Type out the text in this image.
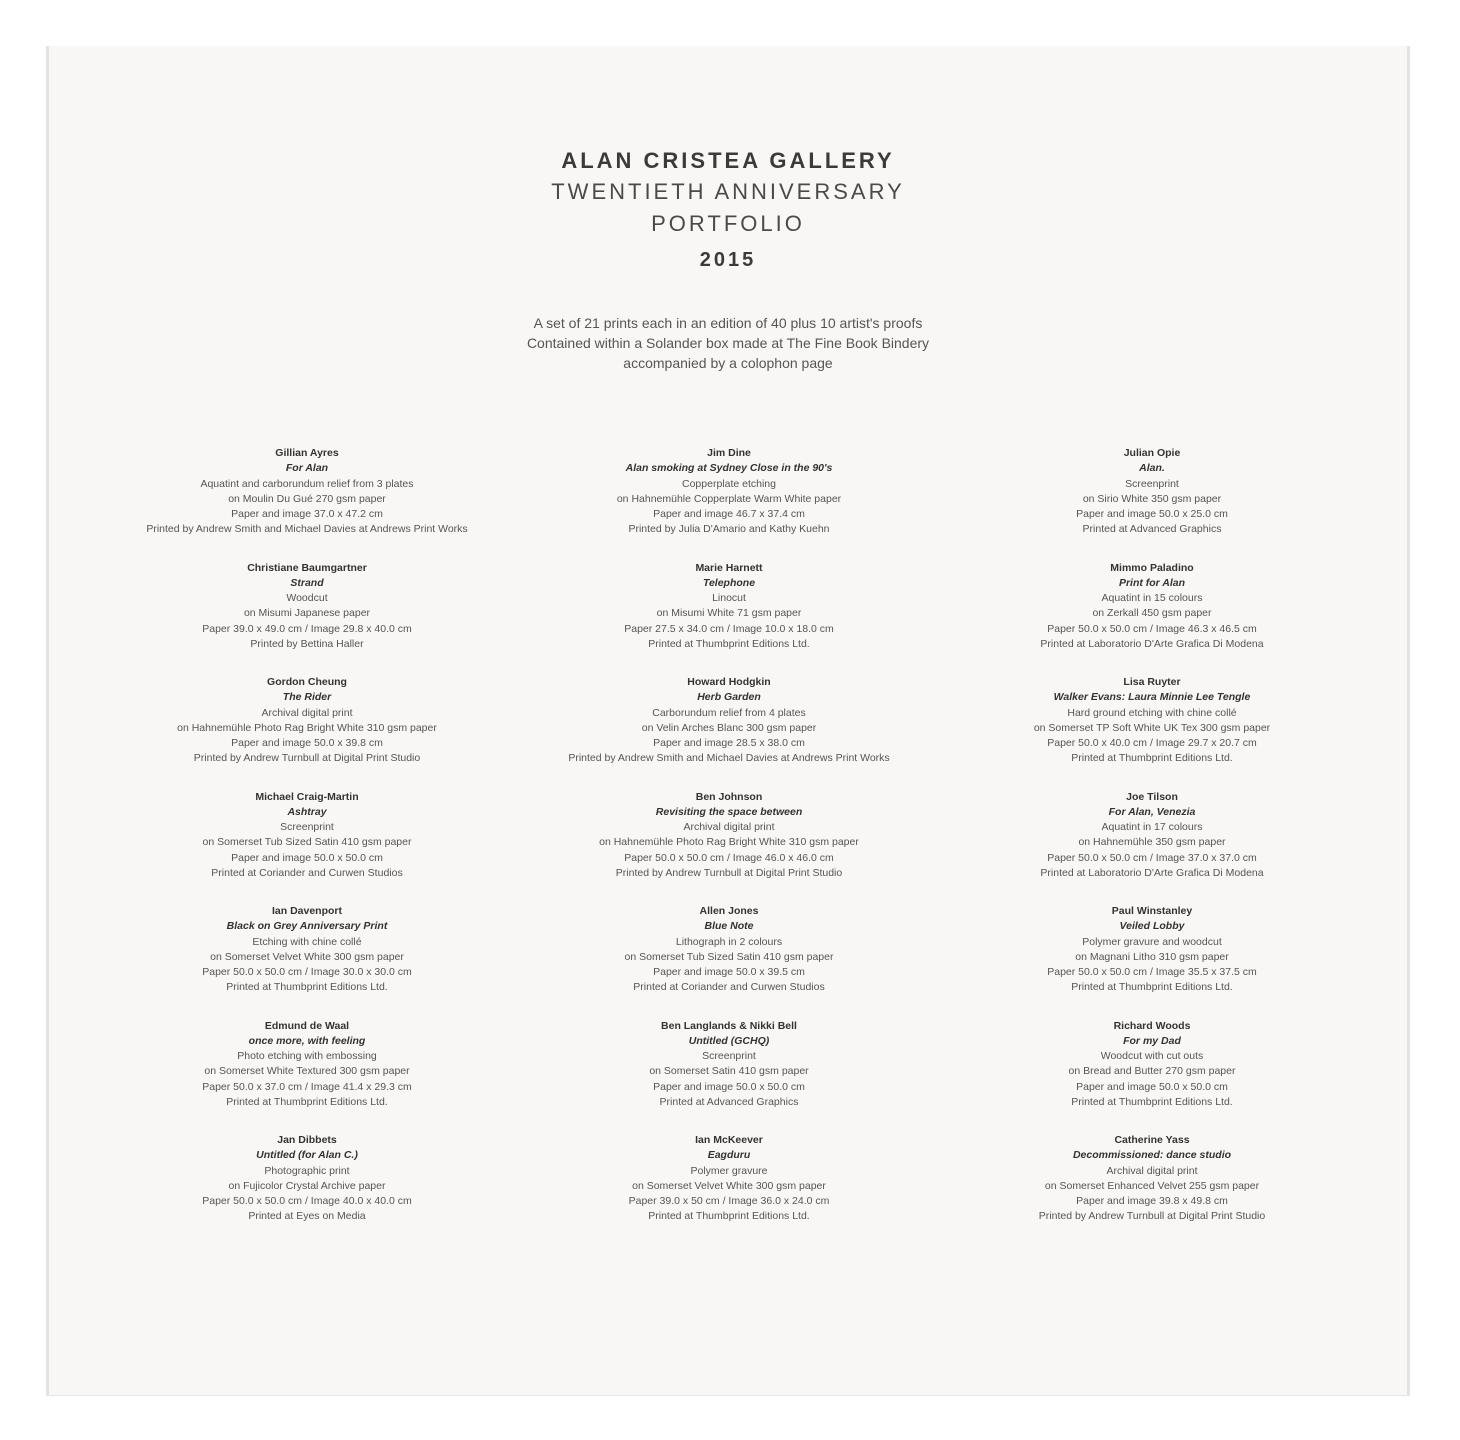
ALAN CRISTEA GALLERY
TWENTIETH ANNIVERSARY
PORTFOLIO
2015
A set of 21 prints each in an edition of 40 plus 10 artist's proofs
Contained within a Solander box made at The Fine Book Bindery
accompanied by a colophon page
Gillian Ayres
For Alan
Aquatint and carborundum relief from 3 plates
on Moulin Du Gué 270 gsm paper
Paper and image 37.0 x 47.2 cm
Printed by Andrew Smith and Michael Davies at Andrews Print Works
Christiane Baumgartner
Strand
Woodcut
on Misumi Japanese paper
Paper 39.0 x 49.0 cm / Image 29.8 x 40.0 cm
Printed by Bettina Haller
Gordon Cheung
The Rider
Archival digital print
on Hahnemühle Photo Rag Bright White 310 gsm paper
Paper and image 50.0 x 39.8 cm
Printed by Andrew Turnbull at Digital Print Studio
Michael Craig-Martin
Ashtray
Screenprint
on Somerset Tub Sized Satin 410 gsm paper
Paper and image 50.0 x 50.0 cm
Printed at Coriander and Curwen Studios
Ian Davenport
Black on Grey Anniversary Print
Etching with chine collé
on Somerset Velvet White 300 gsm paper
Paper 50.0 x 50.0 cm / Image 30.0 x 30.0 cm
Printed at Thumbprint Editions Ltd.
Edmund de Waal
once more, with feeling
Photo etching with embossing
on Somerset White Textured 300 gsm paper
Paper 50.0 x 37.0 cm / Image 41.4 x 29.3 cm
Printed at Thumbprint Editions Ltd.
Jan Dibbets
Untitled (for Alan C.)
Photographic print
on Fujicolor Crystal Archive paper
Paper 50.0 x 50.0 cm / Image 40.0 x 40.0 cm
Printed at Eyes on Media
Jim Dine
Alan smoking at Sydney Close in the 90's
Copperplate etching
on Hahnemühle Copperplate Warm White paper
Paper and image 46.7 x 37.4 cm
Printed by Julia D'Amario and Kathy Kuehn
Marie Harnett
Telephone
Linocut
on Misumi White 71 gsm paper
Paper 27.5 x 34.0 cm / Image 10.0 x 18.0 cm
Printed at Thumbprint Editions Ltd.
Howard Hodgkin
Herb Garden
Carborundum relief from 4 plates
on Velin Arches Blanc 300 gsm paper
Paper and image 28.5 x 38.0 cm
Printed by Andrew Smith and Michael Davies at Andrews Print Works
Ben Johnson
Revisiting the space between
Archival digital print
on Hahnemühle Photo Rag Bright White 310 gsm paper
Paper 50.0 x 50.0 cm / Image 46.0 x 46.0 cm
Printed by Andrew Turnbull at Digital Print Studio
Allen Jones
Blue Note
Lithograph in 2 colours
on Somerset Tub Sized Satin 410 gsm paper
Paper and image 50.0 x 39.5 cm
Printed at Coriander and Curwen Studios
Ben Langlands & Nikki Bell
Untitled (GCHQ)
Screenprint
on Somerset Satin 410 gsm paper
Paper and image 50.0 x 50.0 cm
Printed at Advanced Graphics
Ian McKeever
Eagduru
Polymer gravure
on Somerset Velvet White 300 gsm paper
Paper 39.0 x 50 cm / Image 36.0 x 24.0 cm
Printed at Thumbprint Editions Ltd.
Julian Opie
Alan.
Screenprint
on Sirio White 350 gsm paper
Paper and image 50.0 x 25.0 cm
Printed at Advanced Graphics
Mimmo Paladino
Print for Alan
Aquatint in 15 colours
on Zerkall 450 gsm paper
Paper 50.0 x 50.0 cm / Image 46.3 x 46.5 cm
Printed at Laboratorio D'Arte Grafica Di Modena
Lisa Ruyter
Walker Evans: Laura Minnie Lee Tengle
Hard ground etching with chine collé
on Somerset TP Soft White UK Tex 300 gsm paper
Paper 50.0 x 40.0 cm / Image 29.7 x 20.7 cm
Printed at Thumbprint Editions Ltd.
Joe Tilson
For Alan, Venezia
Aquatint in 17 colours
on Hahnemühle 350 gsm paper
Paper 50.0 x 50.0 cm / Image 37.0 x 37.0 cm
Printed at Laboratorio D'Arte Grafica Di Modena
Paul Winstanley
Veiled Lobby
Polymer gravure and woodcut
on Magnani Litho 310 gsm paper
Paper 50.0 x 50.0 cm / Image 35.5 x 37.5 cm
Printed at Thumbprint Editions Ltd.
Richard Woods
For my Dad
Woodcut with cut outs
on Bread and Butter 270 gsm paper
Paper and image 50.0 x 50.0 cm
Printed at Thumbprint Editions Ltd.
Catherine Yass
Decommissioned: dance studio
Archival digital print
on Somerset Enhanced Velvet 255 gsm paper
Paper and image 39.8 x 49.8 cm
Printed by Andrew Turnbull at Digital Print Studio
